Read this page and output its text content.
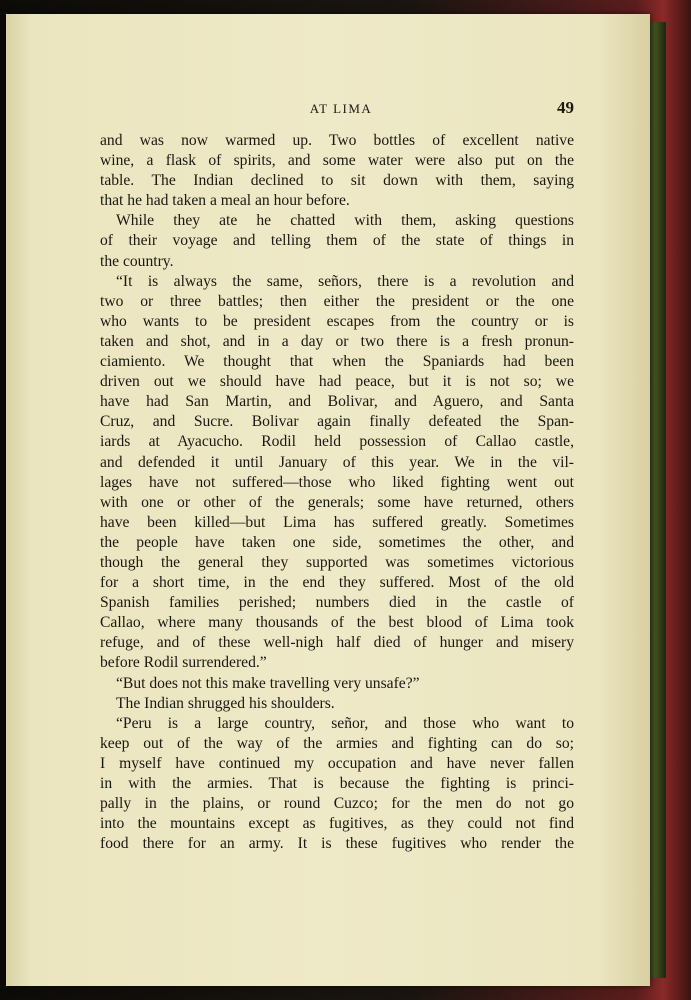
AT LIMA	49
and was now warmed up. Two bottles of excellent native
wine, a flask of spirits, and some water were also put on the
table. The Indian declined to sit down with them, saying
that he had taken a meal an hour before.
While they ate he chatted with them, asking questions
of their voyage and telling them of the state of things in
the country.
“It is always the same, señors, there is a revolution and
two or three battles; then either the president or the one
who wants to be president escapes from the country or is
taken and shot, and in a day or two there is a fresh pronun-
ciamiento. We thought that when the Spaniards had been
driven out we should have had peace, but it is not so; we
have had San Martin, and Bolivar, and Aguero, and Santa
Cruz, and Sucre. Bolivar again finally defeated the Span-
iards at Ayacucho. Rodil held possession of Callao castle,
and defended it until January of this year. We in the vil-
lages have not suffered—those who liked fighting went out
with one or other of the generals; some have returned, others
have been killed—but Lima has suffered greatly. Sometimes
the people have taken one side, sometimes the other, and
though the general they supported was sometimes victorious
for a short time, in the end they suffered. Most of the old
Spanish families perished; numbers died in the castle of
Callao, where many thousands of the best blood of Lima took
refuge, and of these well-nigh half died of hunger and misery
before Rodil surrendered.”
“But does not this make travelling very unsafe?”
The Indian shrugged his shoulders.
“Peru is a large country, señor, and those who want to
keep out of the way of the armies and fighting can do so;
I myself have continued my occupation and have never fallen
in with the armies. That is because the fighting is princi-
pally in the plains, or round Cuzco; for the men do not go
into the mountains except as fugitives, as they could not find
food there for an army. It is these fugitives who render the
